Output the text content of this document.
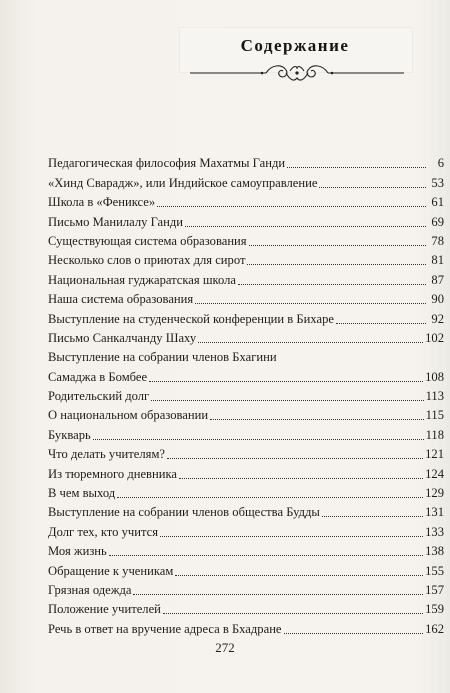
Содержание
Педагогическая философия Махатмы Ганди	6
«Хинд Сварадж», или Индийское самоуправление	53
Школа в «Фениксе»	61
Письмо Манилалу Ганди	69
Существующая система образования	78
Несколько слов о приютах для сирот	81
Национальная гуджаратская школа	87
Наша система образования	90
Выступление на студенческой конференции в Бихаре	92
Письмо Санкалчанду Шаху	102
Выступление на собрании членов Бхагини
Самаджа в Бомбее	108
Родительский долг	113
О национальном образовании	115
Букварь	118
Что делать учителям?	121
Из тюремного дневника	124
В чем выход	129
Выступление на собрании членов общества Будды	131
Долг тех, кто учится	133
Моя жизнь	138
Обращение к ученикам	155
Грязная одежда	157
Положение учителей	159
Речь в ответ на вручение адреса в Бхадране	162
272
